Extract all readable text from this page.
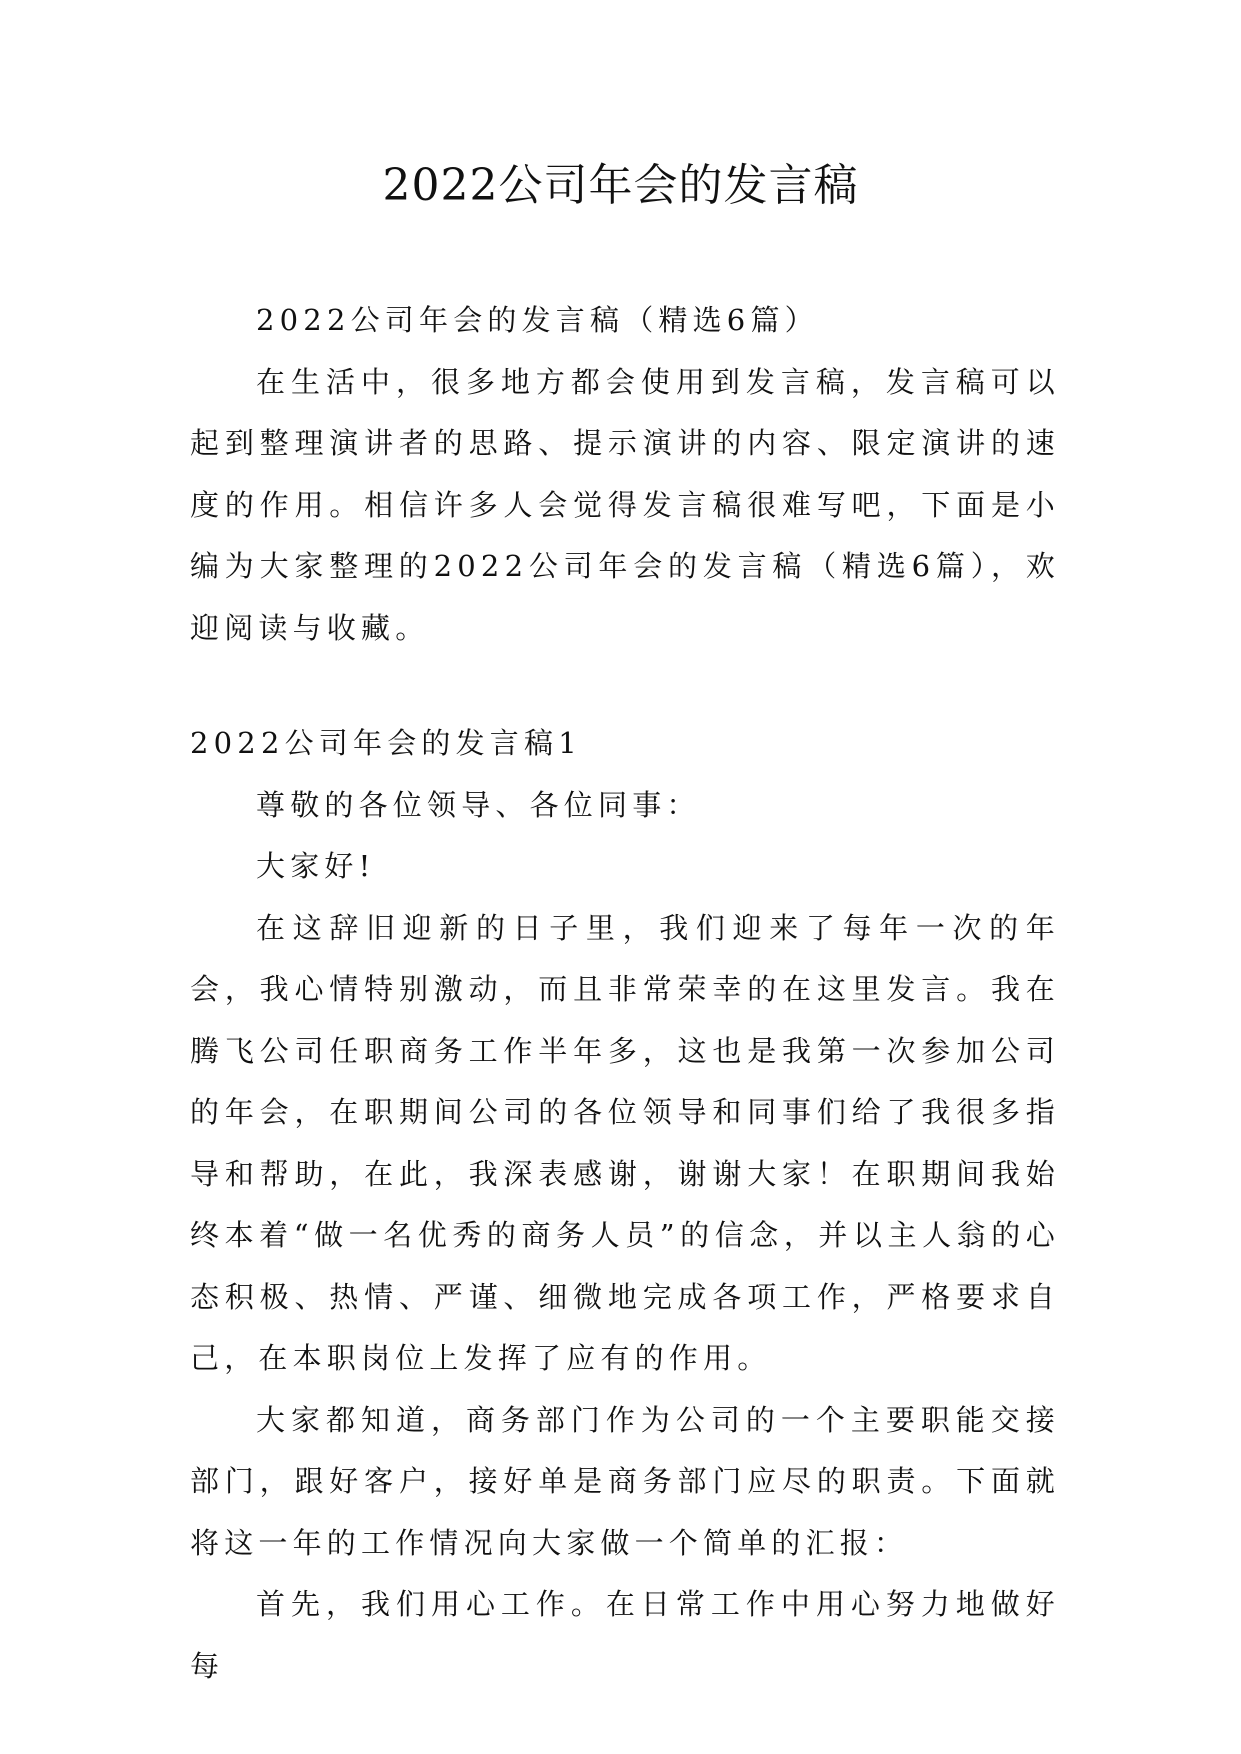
2022公司年会的发言稿

2022公司年会的发言稿（精选6篇）

在生活中，很多地方都会使用到发言稿，发言稿可以起到整理演讲者的思路、提示演讲的内容、限定演讲的速度的作用。相信许多人会觉得发言稿很难写吧，下面是小编为大家整理的2022公司年会的发言稿（精选6篇），欢迎阅读与收藏。

2022公司年会的发言稿1

尊敬的各位领导、各位同事：

大家好!

在这辞旧迎新的日子里，我们迎来了每年一次的年会，我心情特别激动，而且非常荣幸的在这里发言。我在腾飞公司任职商务工作半年多，这也是我第一次参加公司的年会，在职期间公司的各位领导和同事们给了我很多指导和帮助，在此，我深表感谢，谢谢大家！在职期间我始终本着“做一名优秀的商务人员”的信念，并以主人翁的心态积极、热情、严谨、细微地完成各项工作，严格要求自己，在本职岗位上发挥了应有的作用。

大家都知道，商务部门作为公司的一个主要职能交接部门，跟好客户，接好单是商务部门应尽的职责。下面就将这一年的工作情况向大家做一个简单的汇报：

首先，我们用心工作。在日常工作中用心努力地做好每
